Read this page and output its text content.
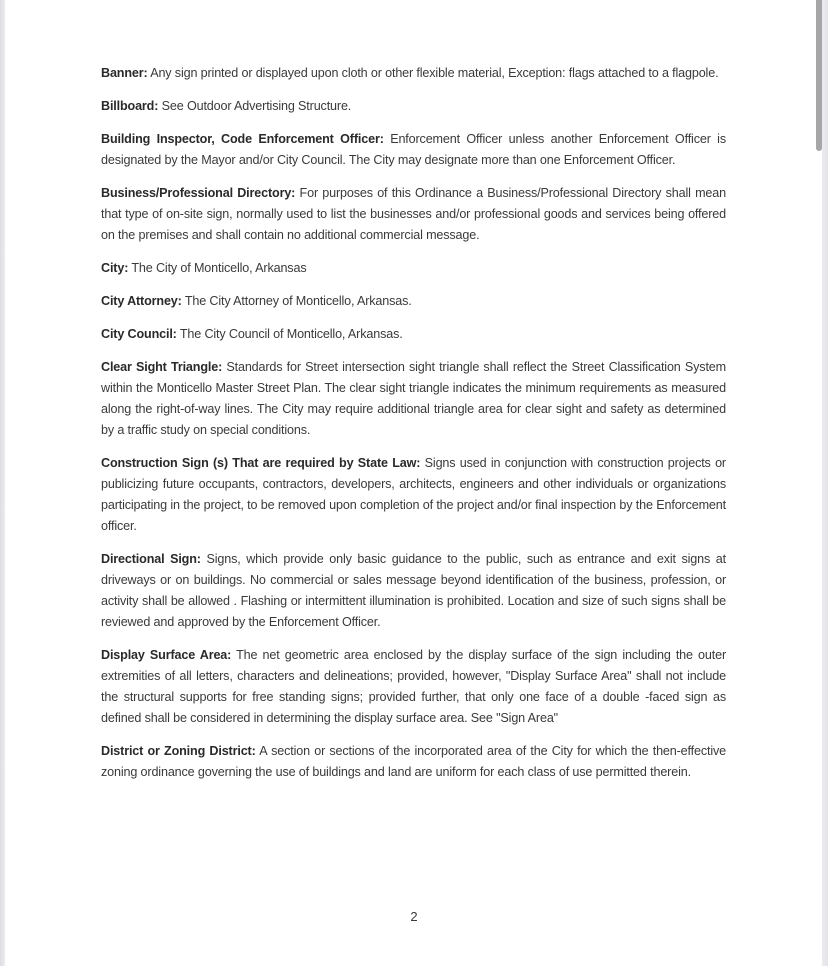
Banner: Any sign printed or displayed upon cloth or other flexible material, Exception: flags attached to a flagpole.

Billboard: See Outdoor Advertising Structure.

Building Inspector, Code Enforcement Officer: Enforcement Officer unless another Enforcement Officer is designated by the Mayor and/or City Council. The City may designate more than one Enforcement Officer.

Business/Professional Directory: For purposes of this Ordinance a Business/Professional Directory shall mean that type of on-site sign, normally used to list the businesses and/or professional goods and services being offered on the premises and shall contain no additional commercial message.

City: The City of Monticello, Arkansas

City Attorney: The City Attorney of Monticello, Arkansas.

City Council: The City Council of Monticello, Arkansas.

Clear Sight Triangle: Standards for Street intersection sight triangle shall reflect the Street Classification System within the Monticello Master Street Plan. The clear sight triangle indicates the minimum requirements as measured along the right-of-way lines. The City may require additional triangle area for clear sight and safety as determined by a traffic study on special conditions.

Construction Sign (s) That are required by State Law: Signs used in conjunction with construction projects or publicizing future occupants, contractors, developers, architects, engineers and other individuals or organizations participating in the project, to be removed upon completion of the project and/or final inspection by the Enforcement officer.

Directional Sign: Signs, which provide only basic guidance to the public, such as entrance and exit signs at driveways or on buildings. No commercial or sales message beyond identification of the business, profession, or activity shall be allowed . Flashing or intermittent illumination is prohibited. Location and size of such signs shall be reviewed and approved by the Enforcement Officer.

Display Surface Area: The net geometric area enclosed by the display surface of the sign including the outer extremities of all letters, characters and delineations; provided, however, "Display Surface Area" shall not include the structural supports for free standing signs; provided further, that only one face of a double -faced sign as defined shall be considered in determining the display surface area. See "Sign Area"

District or Zoning District: A section or sections of the incorporated area of the City for which the then-effective zoning ordinance governing the use of buildings and land are uniform for each class of use permitted therein.

2
